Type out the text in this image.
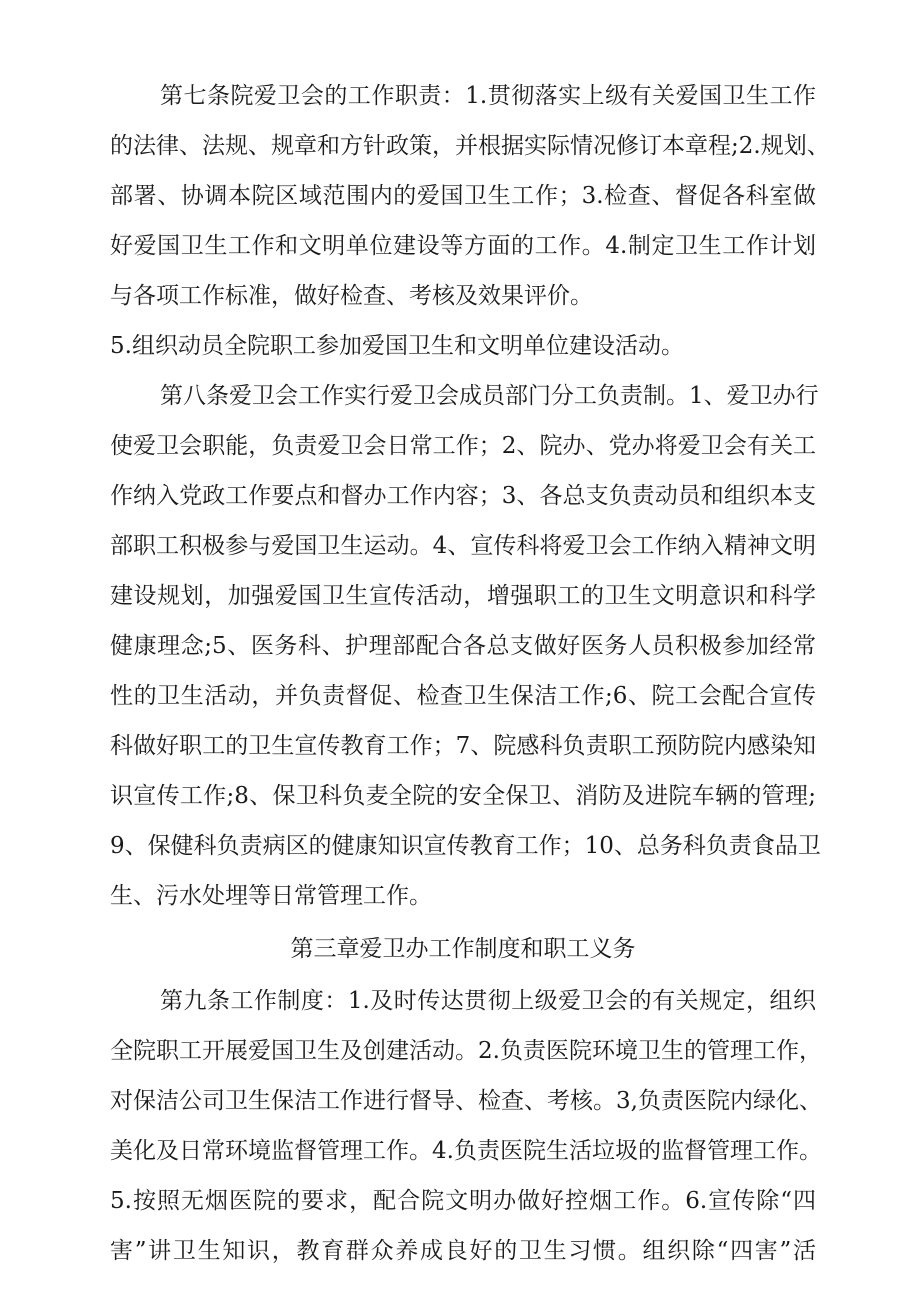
第七条院爱卫会的工作职责：1.贯彻落实上级有关爱国卫生工作
的法律、法规、规章和方针政策，并根据实际情况修订本章程;2.规划、
部署、协调本院区域范围内的爱国卫生工作；3.检查、督促各科室做
好爱国卫生工作和文明单位建设等方面的工作。4.制定卫生工作计划
与各项工作标准，做好检查、考核及效果评价。
5.组织动员全院职工参加爱国卫生和文明单位建设活动。
第八条爱卫会工作实行爱卫会成员部门分工负责制。1、爱卫办行
使爱卫会职能，负责爱卫会日常工作；2、院办、党办将爱卫会有关工
作纳入党政工作要点和督办工作内容；3、各总支负责动员和组织本支
部职工积极参与爱国卫生运动。4、宣传科将爱卫会工作纳入精神文明
建设规划，加强爱国卫生宣传活动，增强职工的卫生文明意识和科学
健康理念;5、医务科、护理部配合各总支做好医务人员积极参加经常
性的卫生活动，并负责督促、检查卫生保洁工作;6、院工会配合宣传
科做好职工的卫生宣传教育工作；7、院感科负责职工预防院内感染知
识宣传工作;8、保卫科负麦全院的安全保卫、消防及进院车辆的管理;
9、保健科负责病区的健康知识宣传教育工作；10、总务科负责食品卫
生、污水处埋等日常管理工作。
第三章爱卫办工作制度和职工义务
第九条工作制度：1.及时传达贯彻上级爱卫会的有关规定，组织
全院职工开展爱国卫生及创建活动。2.负责医院环境卫生的管理工作，
对保洁公司卫生保洁工作进行督导、检查、考核。3,负责医院内绿化、
美化及日常环境监督管理工作。4.负责医院生活垃圾的监督管理工作。
5.按照无烟医院的要求，配合院文明办做好控烟工作。6.宣传除“四
害”讲卫生知识，教育群众养成良好的卫生习惯。组织除“四害”活
